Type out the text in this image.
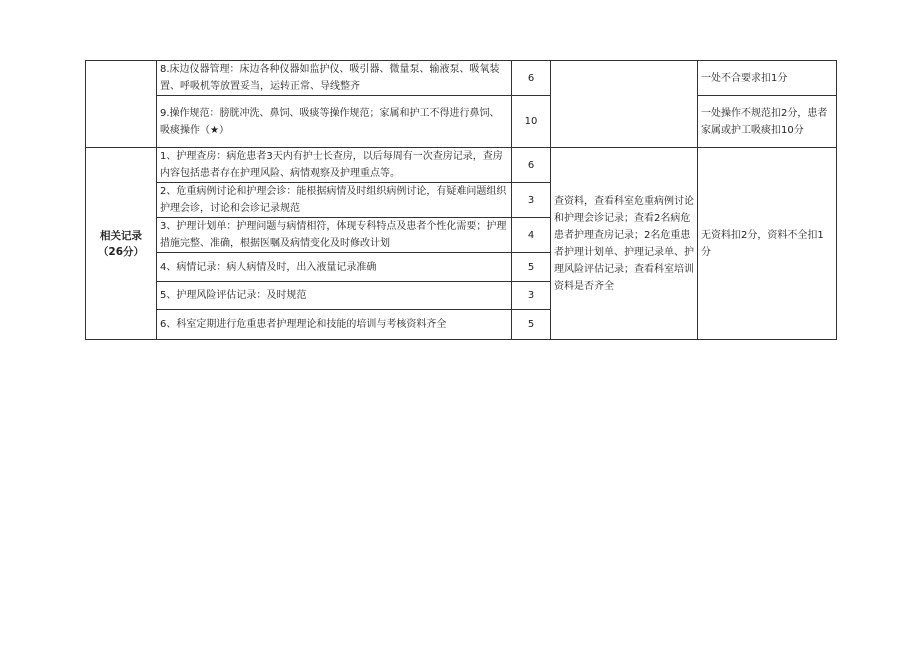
	8.床边仪器管理：床边各种仪器如监护仪、吸引器、微量泵、输液泵、吸氧装置、呼吸机等放置妥当，运转正常、导线整齐	6		一处不合要求扣1分
	9.操作规范：膀胱冲洗、鼻饲、吸痰等操作规范；家属和护工不得进行鼻饲、吸痰操作（★）	10		一处操作不规范扣2分，患者家属或护工吸痰扣10分
相关记录（26分）	1、护理查房：病危患者3天内有护士长查房，以后每周有一次查房记录，查房内容包括患者存在护理风险、病情观察及护理重点等。	6	查资料，查看科室危重病例讨论和护理会诊记录；查看2名病危患者护理查房记录；2名危重患者护理计划单、护理记录单、护理风险评估记录；查看科室培训资料是否齐全	无资料扣2分，资料不全扣1分
	2、危重病例讨论和护理会诊：能根据病情及时组织病例讨论，有疑难问题组织护理会诊，讨论和会诊记录规范	3		
	3、护理计划单：护理问题与病情相符，体现专科特点及患者个性化需要；护理措施完整、准确，根据医嘱及病情变化及时修改计划	4		
	4、病情记录：病人病情及时，出入液量记录准确	5		
	5、护理风险评估记录：及时规范	3		
	6、科室定期进行危重患者护理理论和技能的培训与考核资料齐全	5		
